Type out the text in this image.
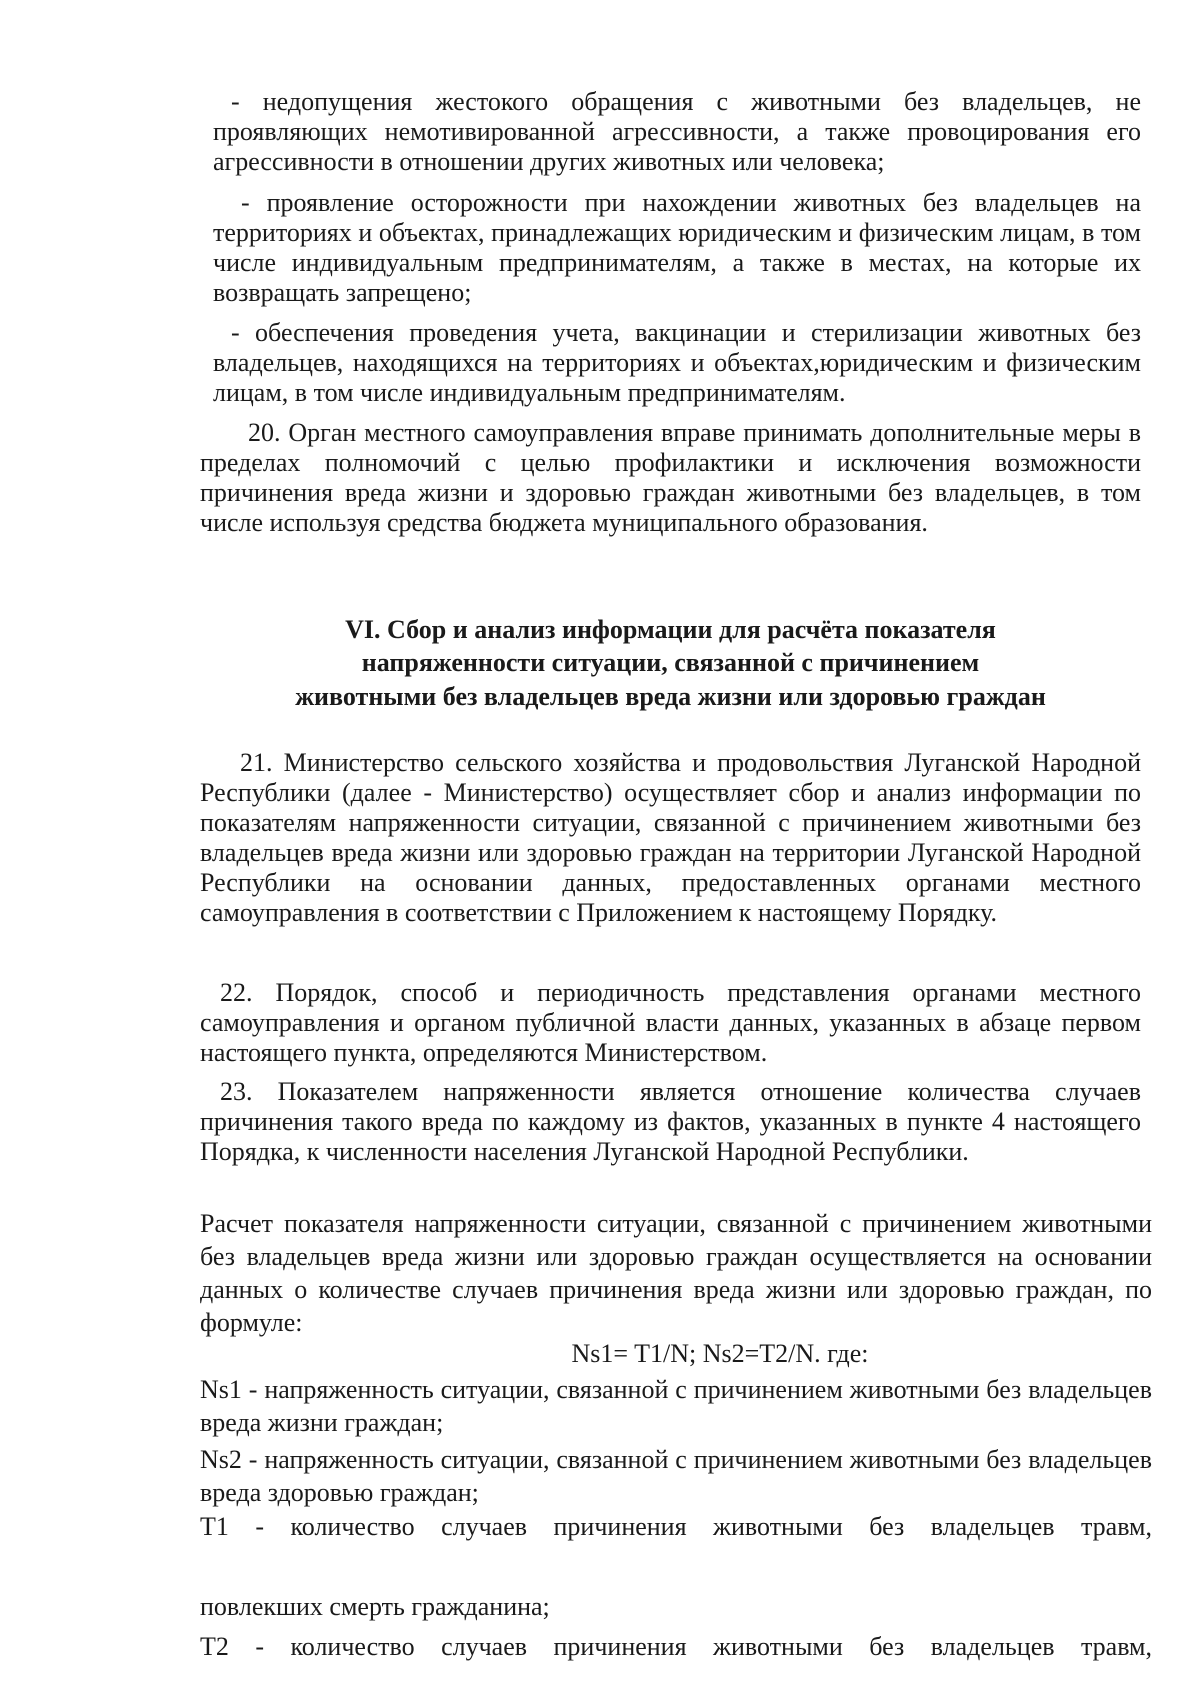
- недопущения жестокого обращения с животными без владельцев, не проявляющих немотивированной агрессивности, а также провоцирования его агрессивности в отношении других животных или человека;

- проявление осторожности при нахождении животных без владельцев на территориях и объектах, принадлежащих юридическим и физическим лицам, в том числе индивидуальным предпринимателям, а также в местах, на которые их возвращать запрещено;

- обеспечения проведения учета, вакцинации и стерилизации животных без владельцев, находящихся на территориях и объектах,юридическим и физическим лицам, в том числе индивидуальным предпринимателям.

20. Орган местного самоуправления вправе принимать дополнительные меры в пределах полномочий с целью профилактики и исключения возможности причинения вреда жизни и здоровью граждан животными без владельцев, в том числе используя средства бюджета муниципального образования.

VI. Сбор и анализ информации для расчёта показателя

напряженности ситуации, связанной с причинением

животными без владельцев вреда жизни или здоровью граждан

21. Министерство сельского хозяйства и продовольствия Луганской Народной Республики (далее - Министерство) осуществляет сбор и анализ информации по показателям напряженности ситуации, связанной с причинением животными без владельцев вреда жизни или здоровью граждан на территории Луганской Народной Республики на основании данных, предоставленных органами местного самоуправления в соответствии с Приложением к настоящему Порядку.

22. Порядок, способ и периодичность представления органами местного самоуправления и органом публичной власти данных, указанных в абзаце первом настоящего пункта, определяются Министерством.

23. Показателем напряженности является отношение количества случаев причинения такого вреда по каждому из фактов, указанных в пункте 4 настоящего Порядка, к численности населения Луганской Народной Республики.

Расчет показателя напряженности ситуации, связанной с причинением животными без владельцев вреда жизни или здоровью граждан осуществляется на основании данных о количестве случаев причинения вреда жизни или здоровью граждан, по формуле:

Ns1= T1/N; Ns2=T2/N. где:

Ns1 - напряженность ситуации, связанной с причинением животными без владельцев вреда жизни граждан;

Ns2 - напряженность ситуации, связанной с причинением животными без владельцев вреда здоровью граждан;

T1 - количество случаев причинения животными без владельцев травм,

повлекших смерть гражданина;

T2 - количество случаев причинения животными без владельцев травм,
